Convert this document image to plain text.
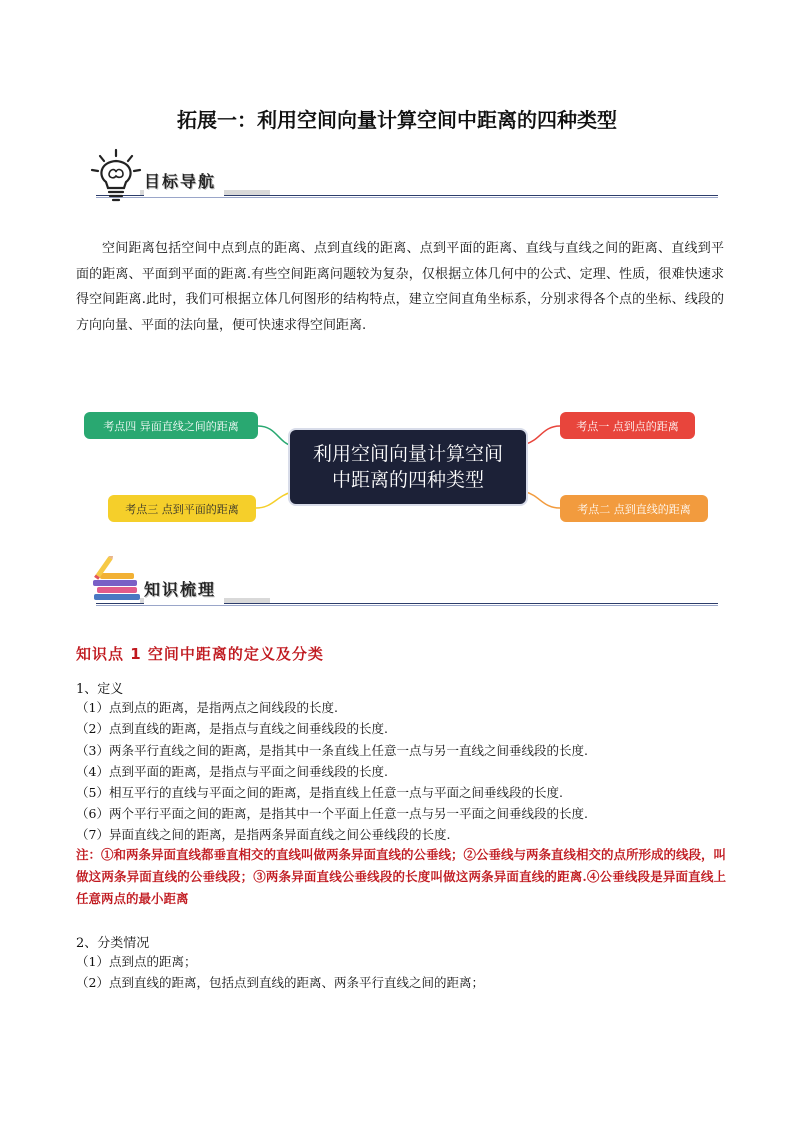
拓展一：利用空间向量计算空间中距离的四种类型
目标导航
空间距离包括空间中点到点的距离、点到直线的距离、点到平面的距离、直线与直线之间的距离、直线到平面的距离、平面到平面的距离.有些空间距离问题较为复杂，仅根据立体几何中的公式、定理、性质，很难快速求得空间距离.此时，我们可根据立体几何图形的结构特点，建立空间直角坐标系，分别求得各个点的坐标、线段的方向向量、平面的法向量，便可快速求得空间距离.
考点四 异面直线之间的距离	考点一 点到点的距离
考点三 点到平面的距离	考点二 点到直线的距离
利用空间向量计算空间
中距离的四种类型
知识梳理
知识点 1 空间中距离的定义及分类
1、定义
（1）点到点的距离，是指两点之间线段的长度.
（2）点到直线的距离，是指点与直线之间垂线段的长度.
（3）两条平行直线之间的距离，是指其中一条直线上任意一点与另一直线之间垂线段的长度.
（4）点到平面的距离，是指点与平面之间垂线段的长度.
（5）相互平行的直线与平面之间的距离，是指直线上任意一点与平面之间垂线段的长度.
（6）两个平行平面之间的距离，是指其中一个平面上任意一点与另一平面之间垂线段的长度.
（7）异面直线之间的距离，是指两条异面直线之间公垂线段的长度.
注：①和两条异面直线都垂直相交的直线叫做两条异面直线的公垂线；②公垂线与两条直线相交的点所形成的线段，叫做这两条异面直线的公垂线段；③两条异面直线公垂线段的长度叫做这两条异面直线的距离.④公垂线段是异面直线上任意两点的最小距离
2、分类情况
（1）点到点的距离；
（2）点到直线的距离，包括点到直线的距离、两条平行直线之间的距离；
